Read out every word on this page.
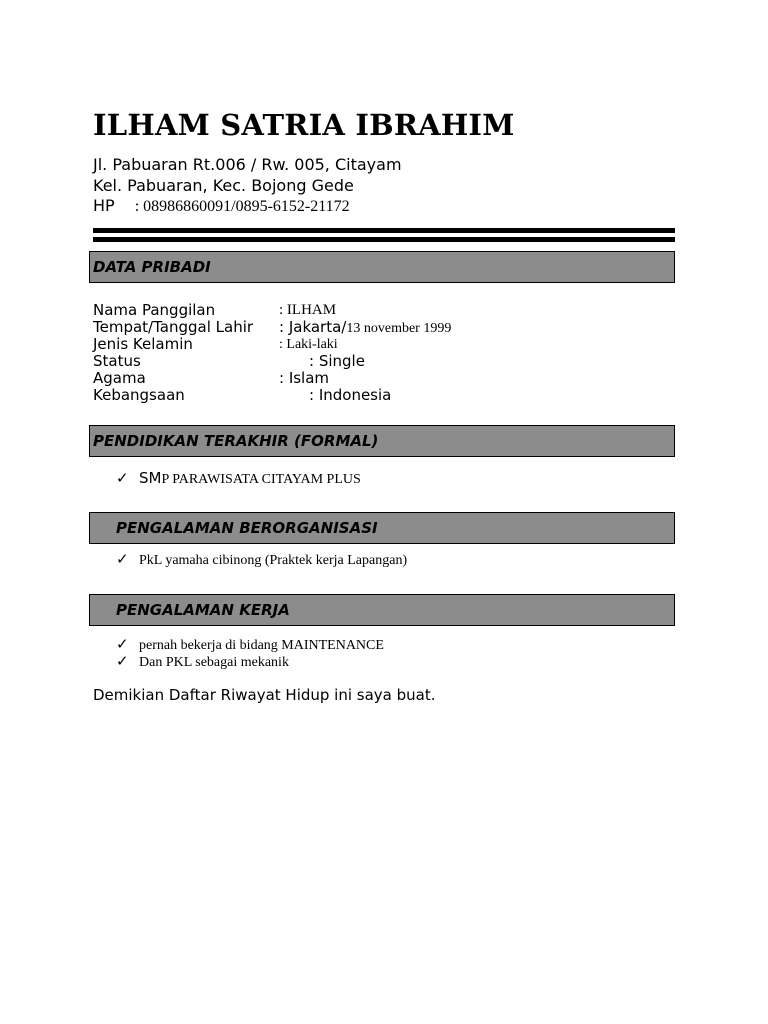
ILHAM SATRIA IBRAHIM
Jl. Pabuaran Rt.006 / Rw. 005, Citayam
Kel. Pabuaran, Kec. Bojong Gede
HP : 08986860091/0895-6152-21172
DATA PRIBADI
Nama Panggilan	: ILHAM
Tempat/Tanggal Lahir : Jakarta/13 november 1999
Jenis Kelamin	: Laki-laki
Status	: Single
Agama	: Islam
Kebangsaan	: Indonesia
PENDIDIKAN TERAKHIR (FORMAL)
✓ SMP PARAWISATA CITAYAM PLUS
PENGALAMAN BERORGANISASI
✓ PkL yamaha cibinong (Praktek kerja Lapangan)
PENGALAMAN KERJA
✓ pernah bekerja di bidang MAINTENANCE
✓ Dan PKL sebagai mekanik
Demikian Daftar Riwayat Hidup ini saya buat.
